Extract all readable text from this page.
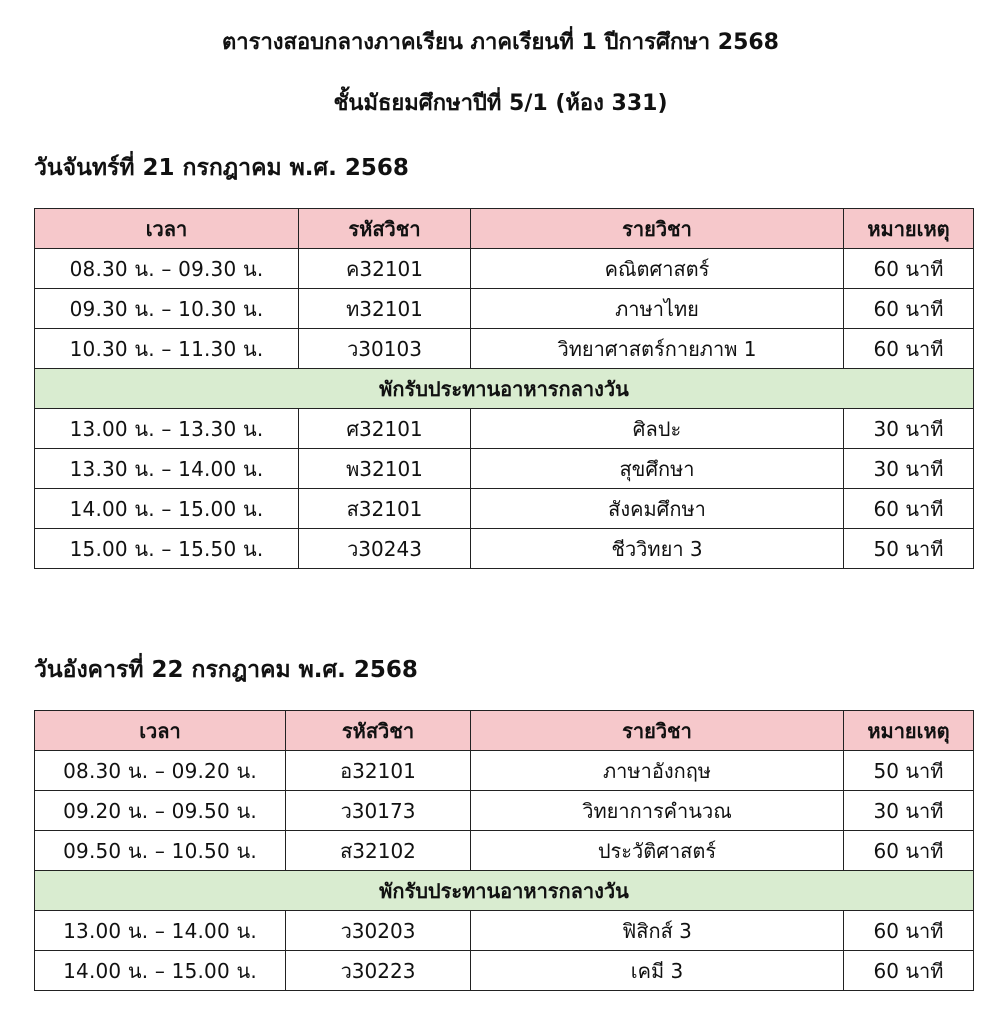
ตารางสอบกลางภาคเรียน ภาคเรียนที่ 1 ปีการศึกษา 2568
ชั้นมัธยมศึกษาปีที่ 5/1 (ห้อง 331)
วันจันทร์ที่ 21 กรกฎาคม พ.ศ. 2568
เวลา	รหัสวิชา	รายวิชา	หมายเหตุ
08.30 น. – 09.30 น.	ค32101	คณิตศาสตร์	60 นาที
09.30 น. – 10.30 น.	ท32101	ภาษาไทย	60 นาที
10.30 น. – 11.30 น.	ว30103	วิทยาศาสตร์กายภาพ 1	60 นาที
พักรับประทานอาหารกลางวัน			
13.00 น. – 13.30 น.	ศ32101	ศิลปะ	30 นาที
13.30 น. – 14.00 น.	พ32101	สุขศึกษา	30 นาที
14.00 น. – 15.00 น.	ส32101	สังคมศึกษา	60 นาที
15.00 น. – 15.50 น.	ว30243	ชีววิทยา 3	50 นาที
วันอังคารที่ 22 กรกฎาคม พ.ศ. 2568
เวลา	รหัสวิชา	รายวิชา	หมายเหตุ
08.30 น. – 09.20 น.	อ32101	ภาษาอังกฤษ	50 นาที
09.20 น. – 09.50 น.	ว30173	วิทยาการคำนวณ	30 นาที
09.50 น. – 10.50 น.	ส32102	ประวัติศาสตร์	60 นาที
พักรับประทานอาหารกลางวัน			
13.00 น. – 14.00 น.	ว30203	ฟิสิกส์ 3	60 นาที
14.00 น. – 15.00 น.	ว30223	เคมี 3	60 นาที
